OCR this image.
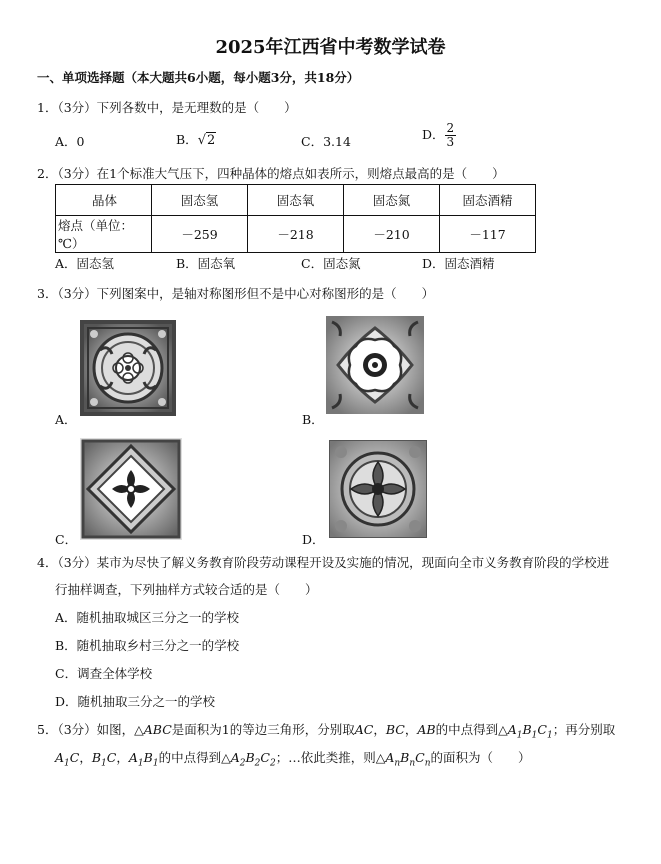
2025年江西省中考数学试卷
一、单项选择题（本大题共6小题，每小题3分，共18分）
1．（3分）下列各数中，是无理数的是（　　）
A．0	B．√2	C．3.14	D． $\frac{2}{3}$
2．（3分）在1个标准大气压下，四种晶体的熔点如表所示，则熔点最高的是（　　）
晶体	固态氢	固态氧	固态氮	固态酒精
熔点（单位：℃）	－259	－218	－210	－117
A．固态氢	B．固态氧	C．固态氮	D．固态酒精
3．（3分）下列图案中，是轴对称图形但不是中心对称图形的是（　　）
A．	B．
C．	D．
4．（3分）某市为尽快了解义务教育阶段劳动课程开设及实施的情况，现面向全市义务教育阶段的学校进
行抽样调查，下列抽样方式较合适的是（　　）
A．随机抽取城区三分之一的学校
B．随机抽取乡村三分之一的学校
C．调查全体学校
D．随机抽取三分之一的学校
5．（3分）如图，△ABC是面积为1的等边三角形，分别取AC，BC，AB的中点得到$\triangle A_1B_1C_1$；再分别取
$A_1C$，$B_1C$，$A_1B_1$的中点得到$\triangle A_2B_2C_2$；…依此类推，则$\triangle A_nB_nC_n$的面积为（　　）
